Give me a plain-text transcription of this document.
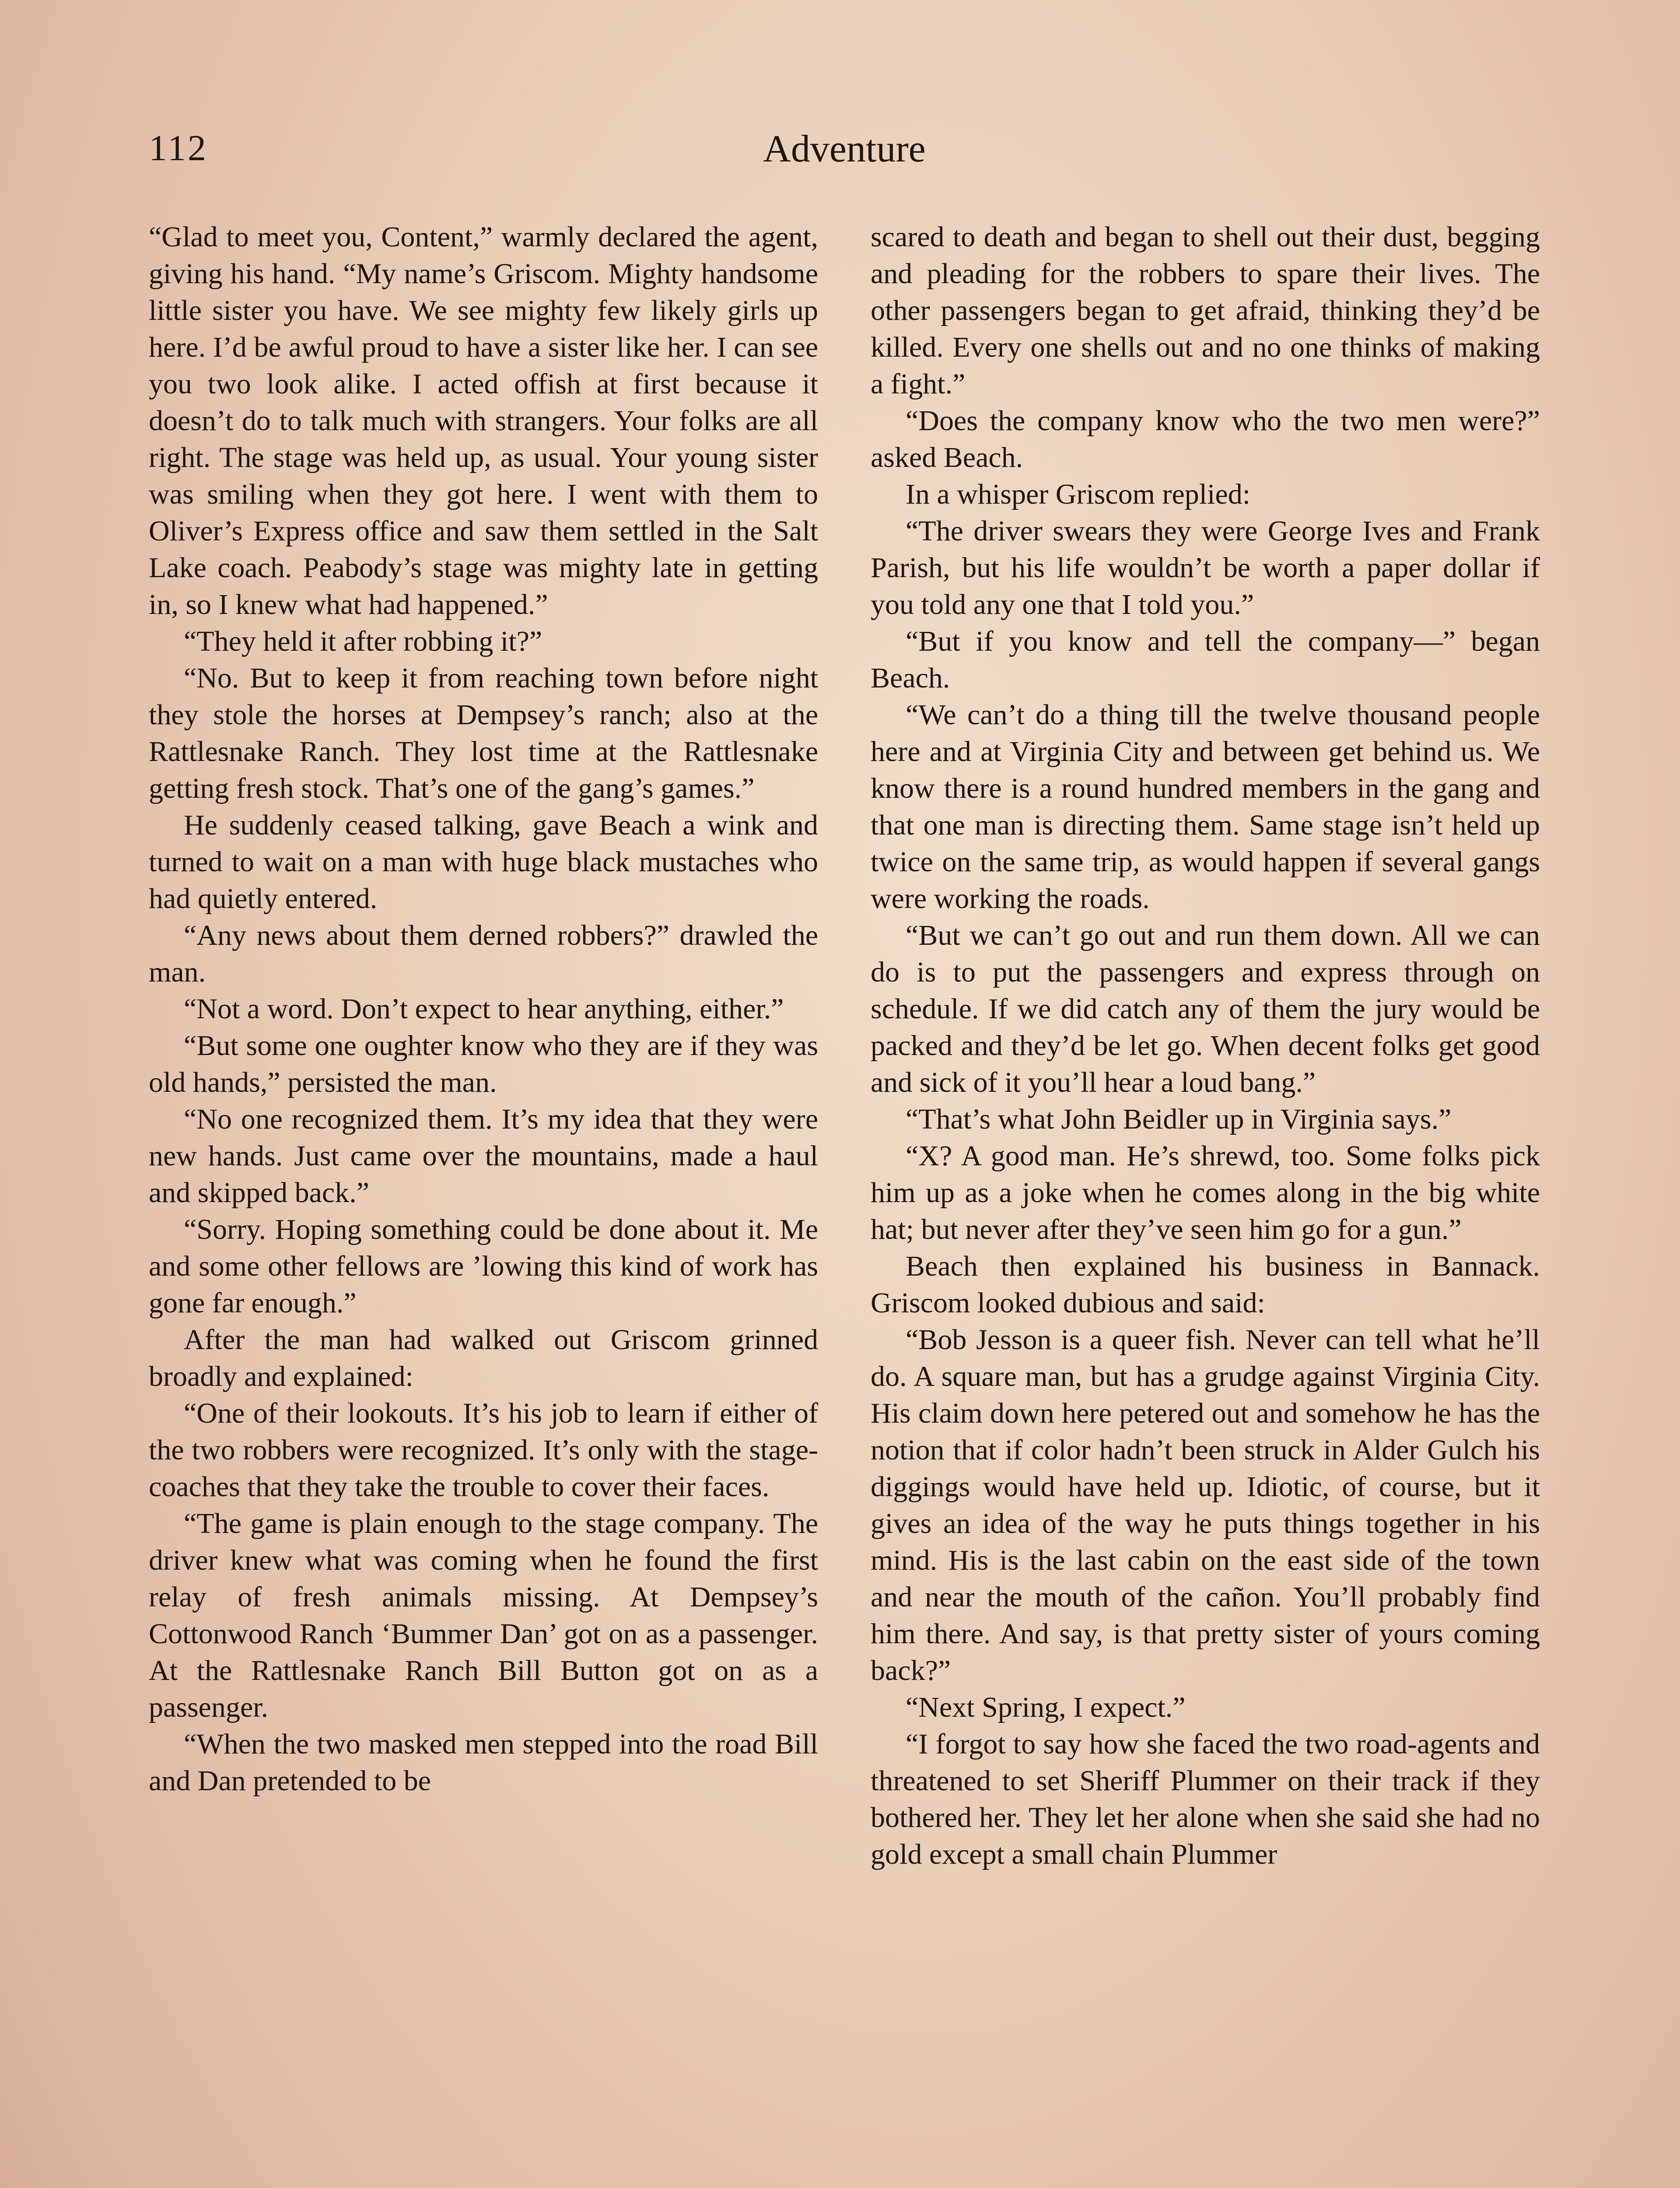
112	Adventure

“Glad to meet you, Content,” warmly declared the agent, giving his hand. “My name’s Griscom. Mighty handsome little sister you have. We see mighty few likely girls up here. I’d be awful proud to have a sister like her. I can see you two look alike. I acted offish at first because it doesn’t do to talk much with strangers. Your folks are all right. The stage was held up, as usual. Your young sister was smiling when they got here. I went with them to Oliver’s Express office and saw them settled in the Salt Lake coach. Peabody’s stage was mighty late in getting in, so I knew what had happened.”

“They held it after robbing it?”

“No. But to keep it from reaching town before night they stole the horses at Dempsey’s ranch; also at the Rattlesnake Ranch. They lost time at the Rattlesnake getting fresh stock. That’s one of the gang’s games.”

He suddenly ceased talking, gave Beach a wink and turned to wait on a man with huge black mustaches who had quietly entered.

“Any news about them derned robbers?” drawled the man.

“Not a word. Don’t expect to hear anything, either.”

“But some one oughter know who they are if they was old hands,” persisted the man.

“No one recognized them. It’s my idea that they were new hands. Just came over the mountains, made a haul and skipped back.”

“Sorry. Hoping something could be done about it. Me and some other fellows are ’lowing this kind of work has gone far enough.”

After the man had walked out Griscom grinned broadly and explained:

“One of their lookouts. It’s his job to learn if either of the two robbers were recognized. It’s only with the stage-coaches that they take the trouble to cover their faces.

“The game is plain enough to the stage company. The driver knew what was coming when he found the first relay of fresh animals missing. At Dempsey’s Cottonwood Ranch ‘Bummer Dan’ got on as a passenger. At the Rattlesnake Ranch Bill Button got on as a passenger.

“When the two masked men stepped into the road Bill and Dan pretended to be

scared to death and began to shell out their dust, begging and pleading for the robbers to spare their lives. The other passengers began to get afraid, thinking they’d be killed. Every one shells out and no one thinks of making a fight.”

“Does the company know who the two men were?” asked Beach.

In a whisper Griscom replied:

“The driver swears they were George Ives and Frank Parish, but his life wouldn’t be worth a paper dollar if you told any one that I told you.”

“But if you know and tell the company—” began Beach.

“We can’t do a thing till the twelve thousand people here and at Virginia City and between get behind us. We know there is a round hundred members in the gang and that one man is directing them. Same stage isn’t held up twice on the same trip, as would happen if several gangs were working the roads.

“But we can’t go out and run them down. All we can do is to put the passengers and express through on schedule. If we did catch any of them the jury would be packed and they’d be let go. When decent folks get good and sick of it you’ll hear a loud bang.”

“That’s what John Beidler up in Virginia says.”

“X? A good man. He’s shrewd, too. Some folks pick him up as a joke when he comes along in the big white hat; but never after they’ve seen him go for a gun.”

Beach then explained his business in Bannack. Griscom looked dubious and said:

“Bob Jesson is a queer fish. Never can tell what he’ll do. A square man, but has a grudge against Virginia City. His claim down here petered out and somehow he has the notion that if color hadn’t been struck in Alder Gulch his diggings would have held up. Idiotic, of course, but it gives an idea of the way he puts things together in his mind. His is the last cabin on the east side of the town and near the mouth of the cañon. You’ll probably find him there. And say, is that pretty sister of yours coming back?”

“Next Spring, I expect.”

“I forgot to say how she faced the two road-agents and threatened to set Sheriff Plummer on their track if they bothered her. They let her alone when she said she had no gold except a small chain Plummer
